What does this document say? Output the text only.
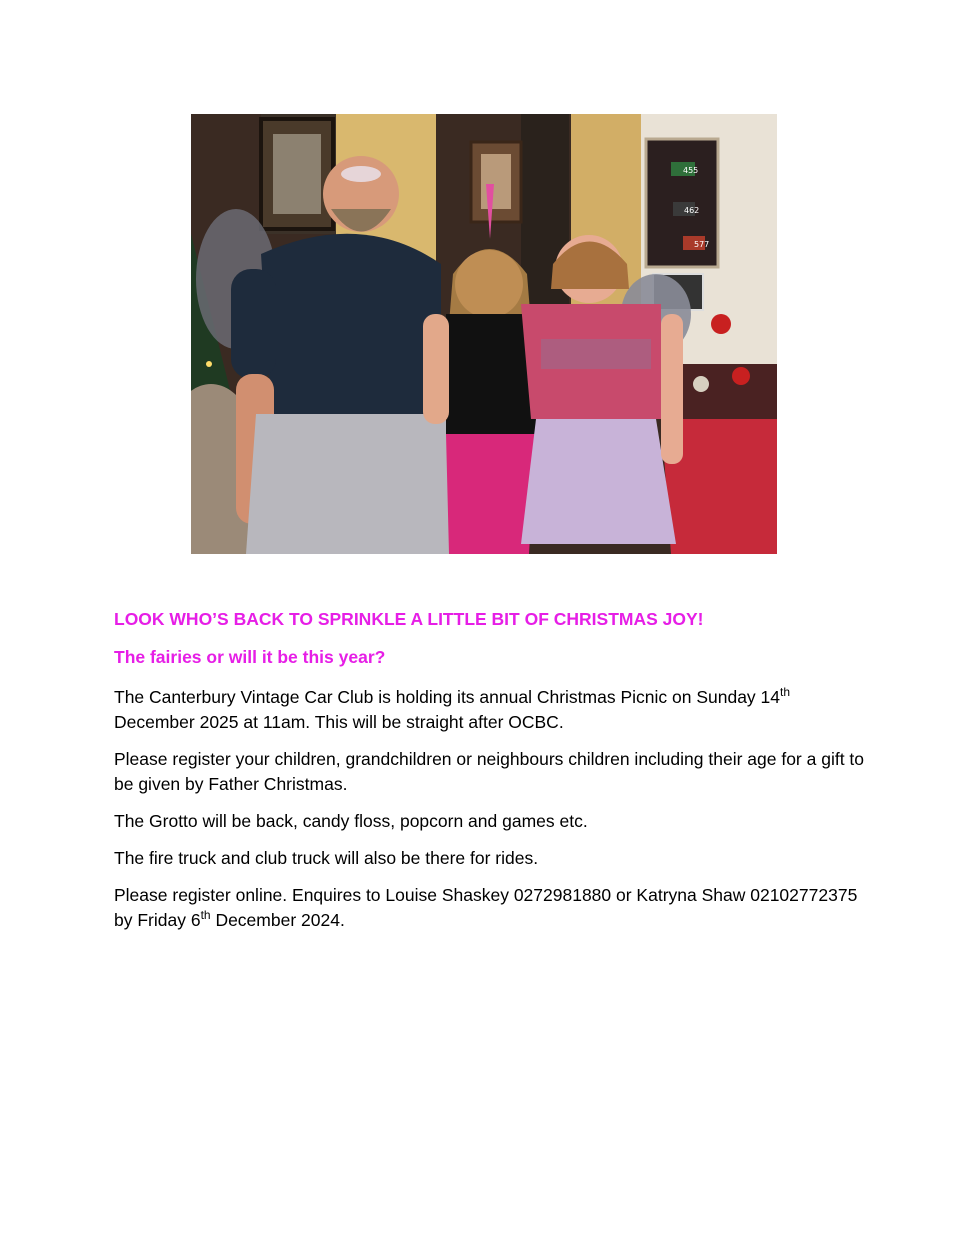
455
462
577

LOOK WHO’S BACK TO SPRINKLE A LITTLE BIT OF CHRISTMAS JOY!

The fairies or will it be this year?

The Canterbury Vintage Car Club is holding its annual Christmas Picnic on Sunday 14th December 2025 at 11am. This will be straight after OCBC.

Please register your children, grandchildren or neighbours children including their age for a gift to be given by Father Christmas.

The Grotto will be back, candy floss, popcorn and games etc.

The fire truck and club truck will also be there for rides.

Please register online. Enquires to Louise Shaskey 0272981880 or Katryna Shaw 02102772375 by Friday 6th December 2024.
